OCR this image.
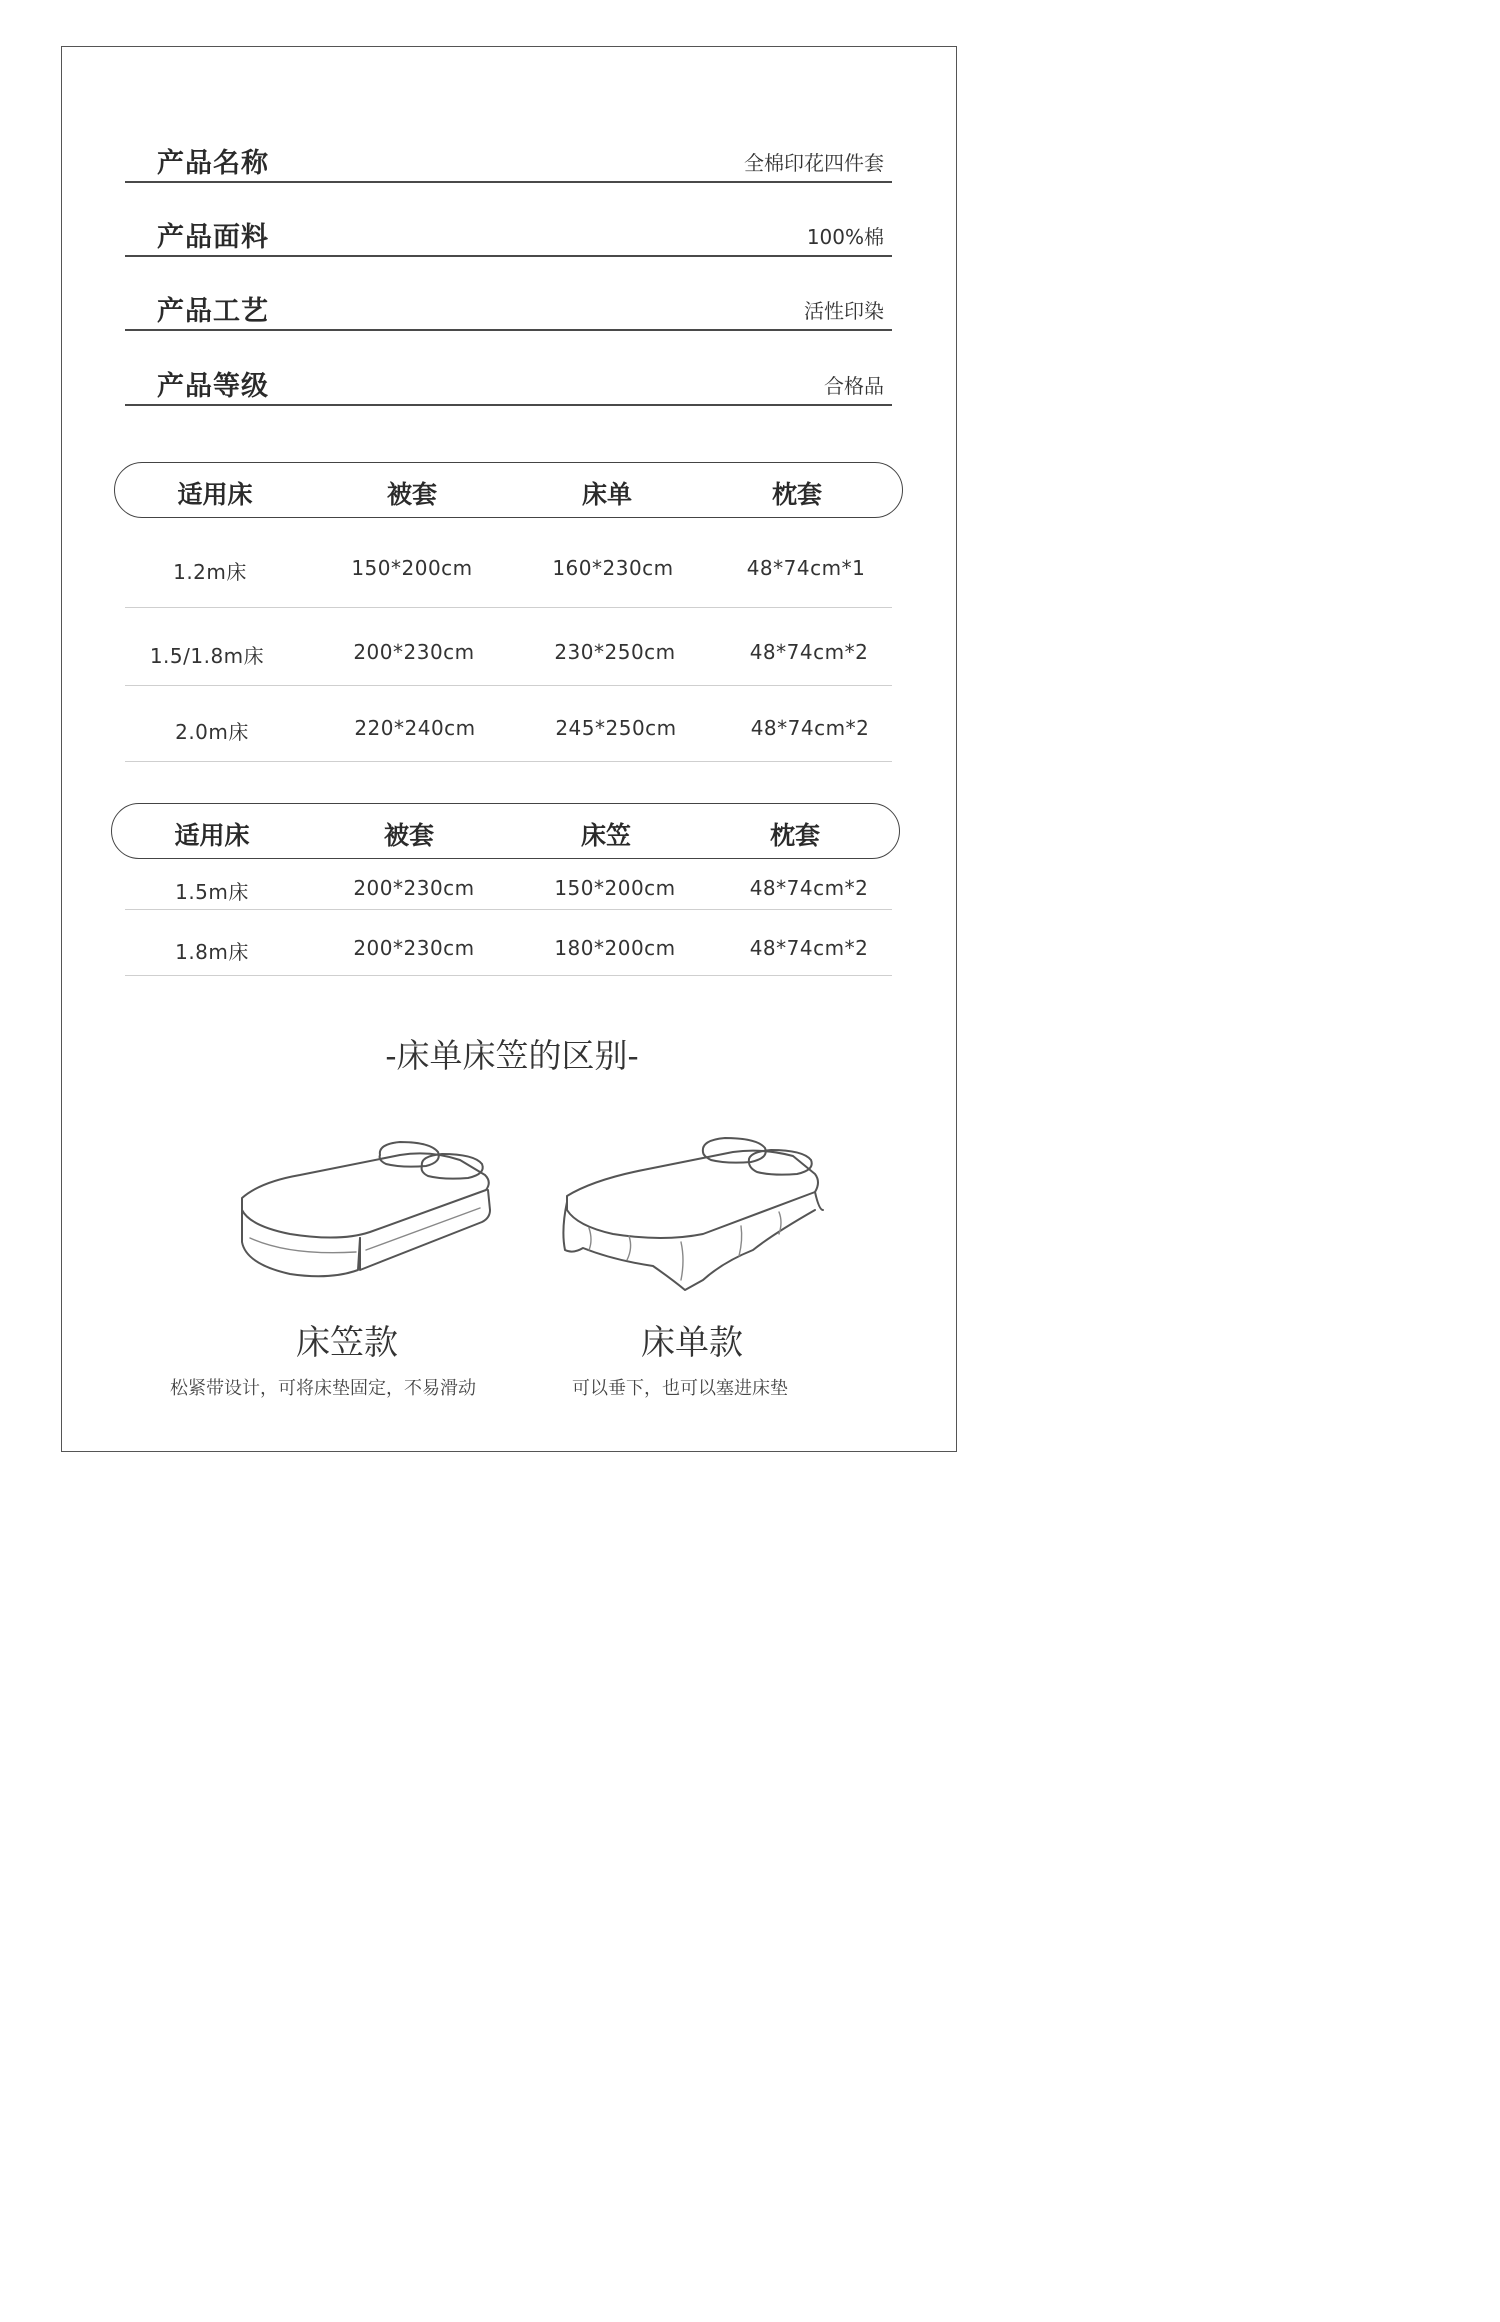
产品名称	全棉印花四件套
产品面料	100%棉
产品工艺	活性印染
产品等级	合格品
适用床	被套	床单	枕套
1.2m床	150*200cm	160*230cm	48*74cm*1
1.5/1.8m床	200*230cm	230*250cm	48*74cm*2
2.0m床	220*240cm	245*250cm	48*74cm*2
适用床	被套	床笠	枕套
1.5m床	200*230cm	150*200cm	48*74cm*2
1.8m床	200*230cm	180*200cm	48*74cm*2
-床单床笠的区别-
床笠款	床单款
松紧带设计，可将床垫固定，不易滑动	可以垂下，也可以塞进床垫
